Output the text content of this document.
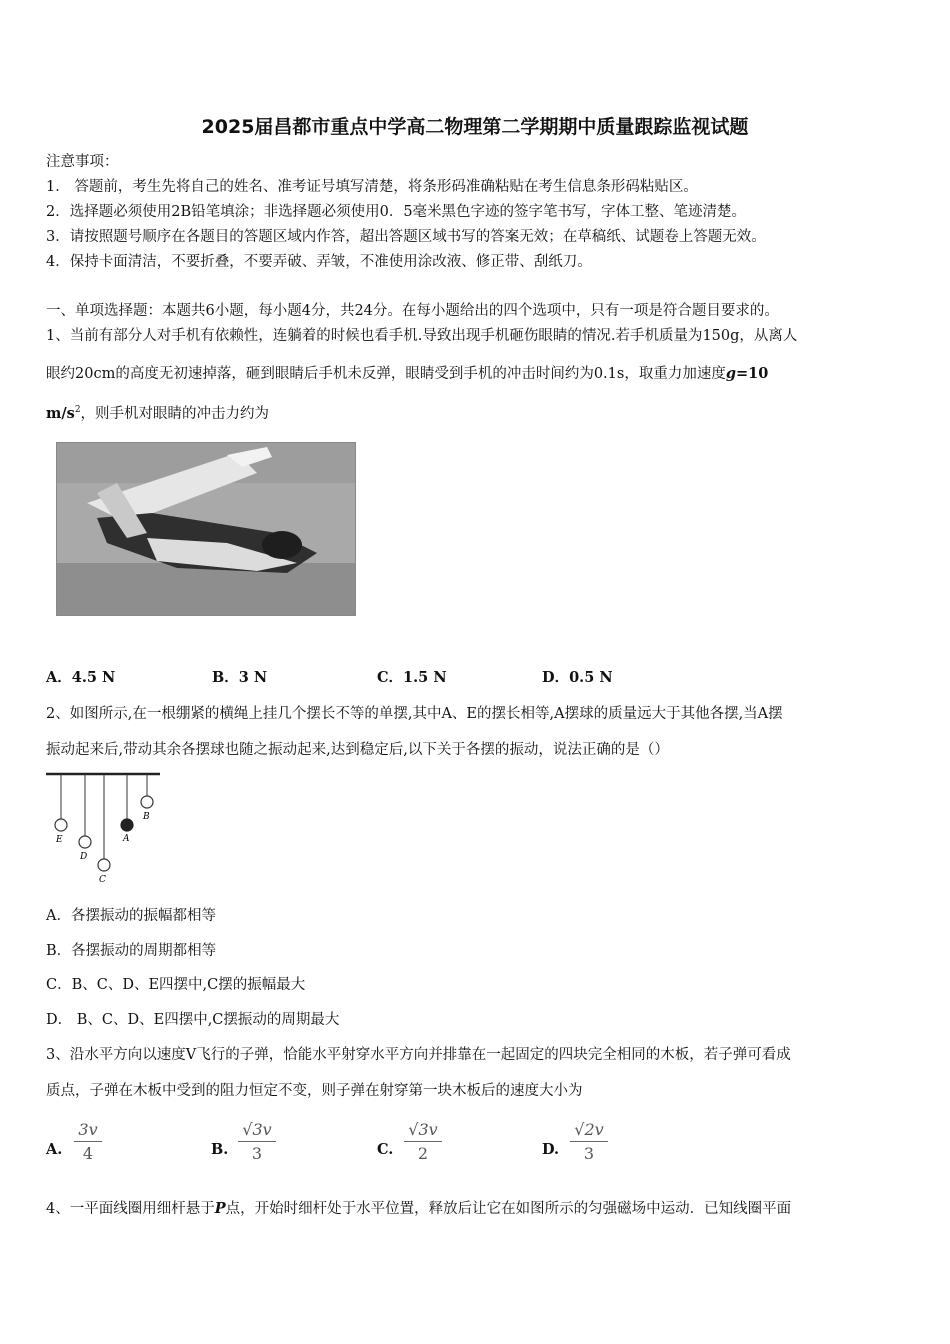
2025届昌都市重点中学高二物理第二学期期中质量跟踪监视试题
注意事项：
1． 答题前，考生先将自己的姓名、准考证号填写清楚，将条形码准确粘贴在考生信息条形码粘贴区。
2．选择题必须使用2B铅笔填涂；非选择题必须使用0．5毫米黑色字迹的签字笔书写，字体工整、笔迹清楚。
3．请按照题号顺序在各题目的答题区域内作答，超出答题区域书写的答案无效；在草稿纸、试题卷上答题无效。
4．保持卡面清洁，不要折叠，不要弄破、弄皱，不准使用涂改液、修正带、刮纸刀。
一、单项选择题：本题共6小题，每小题4分，共24分。在每小题给出的四个选项中，只有一项是符合题目要求的。
1、当前有部分人对手机有依赖性，连躺着的时候也看手机.导致出现手机砸伤眼睛的情况.若手机质量为150g，从离人
眼约20cm的高度无初速掉落，砸到眼睛后手机未反弹，眼睛受到手机的冲击时间约为0.1s，取重力加速度g=10
$m/s^2$，则手机对眼睛的冲击力约为
A．4.5 N	B．3 N	C．1.5 N	D．0.5 N
2、如图所示,在一根绷紧的横绳上挂几个摆长不等的单摆,其中A、E的摆长相等,A摆球的质量远大于其他各摆,当A摆
振动起来后,带动其余各摆球也随之振动起来,达到稳定后,以下关于各摆的振动，说法正确的是（）
E
D
C
A
B
A．各摆振动的振幅都相等
B．各摆振动的周期都相等
C．B、C、D、E四摆中,C摆的振幅最大
D． B、C、D、E四摆中,C摆振动的周期最大
3、沿水平方向以速度V飞行的子弹，恰能水平射穿水平方向并排靠在一起固定的四块完全相同的木板，若子弹可看成
质点，子弹在木板中受到的阻力恒定不变，则子弹在射穿第一块木板后的速度大小为
A.
3v
4	B.
√3v
3	C.
√3v
2	D.
√2v
3
4、一平面线圈用细杆悬于P点，开始时细杆处于水平位置，释放后让它在如图所示的匀强磁场中运动．已知线圈平面
